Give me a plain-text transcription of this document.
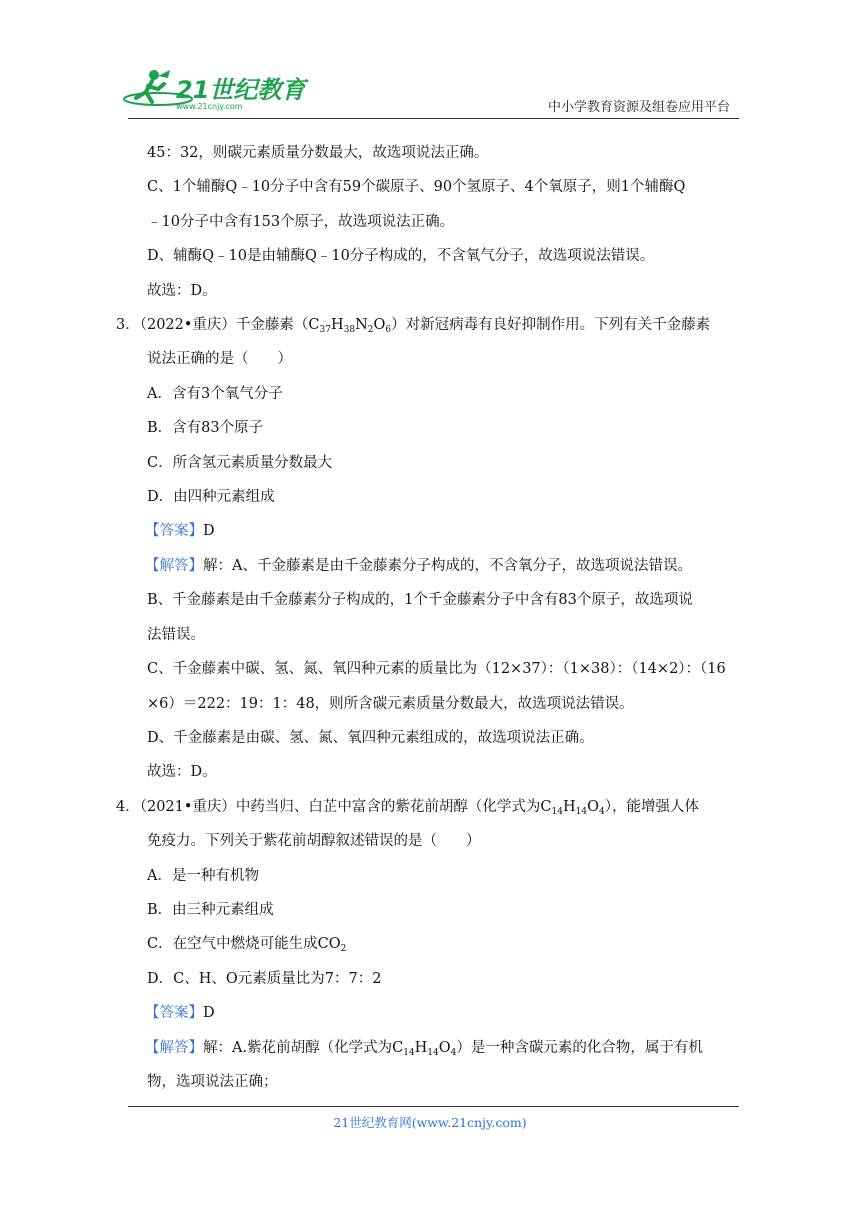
21世纪教育
www.21cnjy.com	中小学教育资源及组卷应用平台
45：32，则碳元素质量分数最大，故选项说法正确。
C、1个辅酶Q﹣10分子中含有59个碳原子、90个氢原子、4个氧原子，则1个辅酶Q
﹣10分子中含有153个原子，故选项说法正确。
D、辅酶Q﹣10是由辅酶Q﹣10分子构成的，不含氧气分子，故选项说法错误。
故选：D。
3．（2022•重庆）千金藤素$(C_{37}H_{38}N_2O_6)$对新冠病毒有良好抑制作用。下列有关千金藤素
说法正确的是（　　）
A．含有3个氧气分子
B．含有83个原子
C．所含氢元素质量分数最大
D．由四种元素组成
【答案】D
【解答】解：A、千金藤素是由千金藤素分子构成的，不含氧分子，故选项说法错误。
B、千金藤素是由千金藤素分子构成的，1个千金藤素分子中含有83个原子，故选项说
法错误。
C、千金藤素中碳、氢、氮、氧四种元素的质量比为（12×37）：（1×38）：（14×2）：（16
×6）＝222：19：1：48，则所含碳元素质量分数最大，故选项说法错误。
D、千金藤素是由碳、氢、氮、氧四种元素组成的，故选项说法正确。
故选：D。
4．（2021•重庆）中药当归、白芷中富含的紫花前胡醇（化学式为$C_{14}H_{14}O_4$），能增强人体
免疫力。下列关于紫花前胡醇叙述错误的是（　　）
A．是一种有机物
B．由三种元素组成
C．在空气中燃烧可能生成$CO_2$
D．C、H、O元素质量比为7：7：2
【答案】D
【解答】解：A.紫花前胡醇（化学式为$C_{14}H_{14}O_4$）是一种含碳元素的化合物，属于有机
物，选项说法正确；
21世纪教育网(www.21cnjy.com)
